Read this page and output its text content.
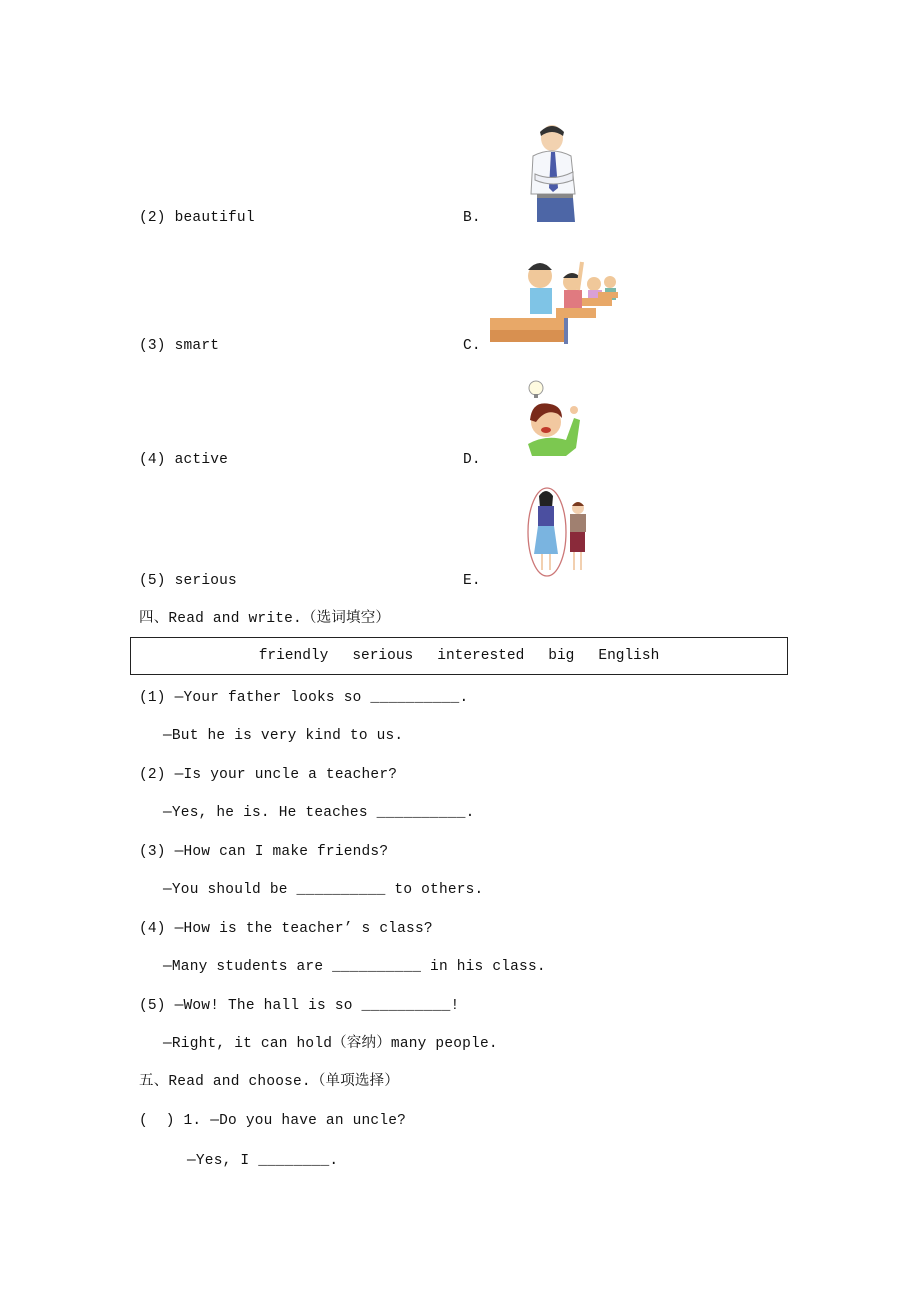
(2) beautiful	B.
(3) smart	C.
(4) active	D.
(5) serious	E.
四、Read and write.（选词填空）
friendly serious interested big English
(1) —Your father looks so __________.
—But he is very kind to us.
(2) —Is your uncle a teacher?
—Yes, he is. He teaches __________.
(3) —How can I make friends?
—You should be __________ to others.
(4) —How is the teacher’ s class?
—Many students are __________ in his class.
(5) —Wow! The hall is so __________!
—Right, it can hold（容纳）many people.
五、Read and choose.（单项选择）
(  ) 1. —Do you have an uncle?
—Yes, I ________.
